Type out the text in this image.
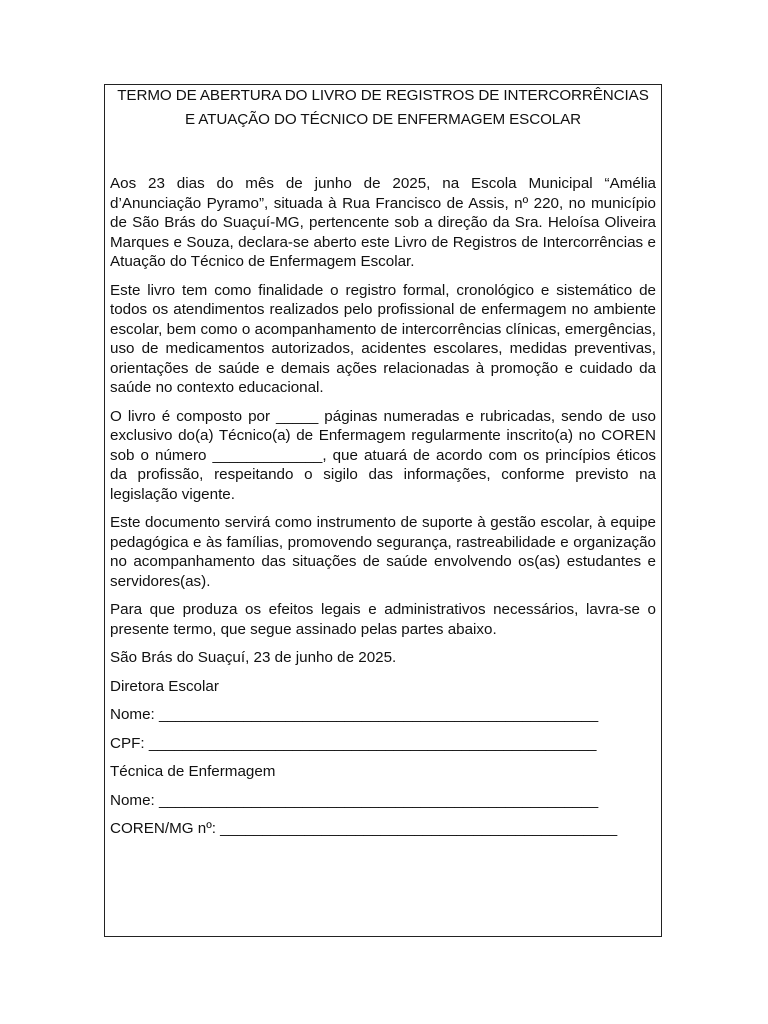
TERMO DE ABERTURA DO LIVRO DE REGISTROS DE INTERCORRÊNCIAS
E ATUAÇÃO DO TÉCNICO DE ENFERMAGEM ESCOLAR

Aos 23 dias do mês de junho de 2025, na Escola Municipal “Amélia d’Anunciação Pyramo”, situada à Rua Francisco de Assis, nº 220, no município de São Brás do Suaçuí-MG, pertencente sob a direção da Sra. Heloísa Oliveira Marques e Souza, declara-se aberto este Livro de Registros de Intercorrências e Atuação do Técnico de Enfermagem Escolar.

Este livro tem como finalidade o registro formal, cronológico e sistemático de todos os atendimentos realizados pelo profissional de enfermagem no ambiente escolar, bem como o acompanhamento de intercorrências clínicas, emergências, uso de medicamentos autorizados, acidentes escolares, medidas preventivas, orientações de saúde e demais ações relacionadas à promoção e cuidado da saúde no contexto educacional.

O livro é composto por _____ páginas numeradas e rubricadas, sendo de uso exclusivo do(a) Técnico(a) de Enfermagem regularmente inscrito(a) no COREN sob o número _____________, que atuará de acordo com os princípios éticos da profissão, respeitando o sigilo das informações, conforme previsto na legislação vigente.

Este documento servirá como instrumento de suporte à gestão escolar, à equipe pedagógica e às famílias, promovendo segurança, rastreabilidade e organização no acompanhamento das situações de saúde envolvendo os(as) estudantes e servidores(as).

Para que produza os efeitos legais e administrativos necessários, lavra-se o presente termo, que segue assinado pelas partes abaixo.

São Brás do Suaçuí, 23 de junho de 2025.
Diretora Escolar
Nome: ____________________________________________________
CPF: _____________________________________________________
Técnica de Enfermagem
Nome: ____________________________________________________
COREN/MG nº: _______________________________________________
